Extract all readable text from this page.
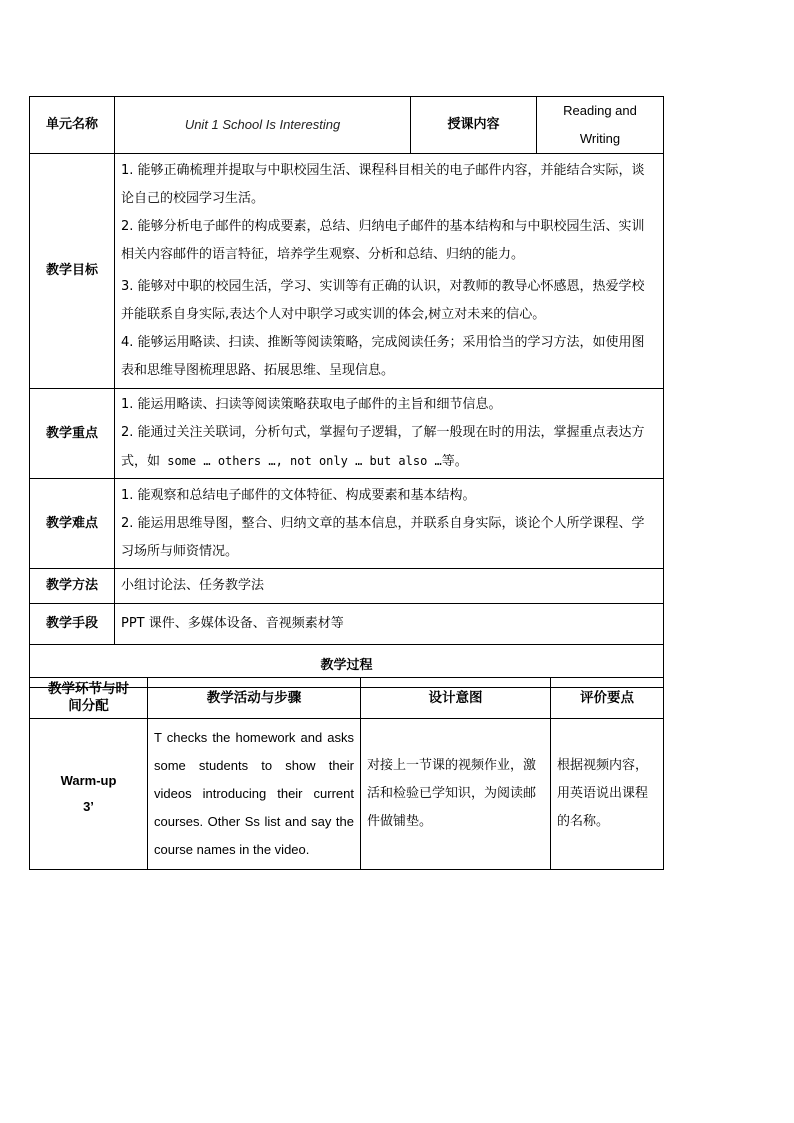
单元名称	Unit 1 School Is Interesting	授课内容	Reading and Writing
教学目标	1. 能够正确梳理并提取与中职校园生活、课程科目相关的电子邮件内容，并能结合实际，谈论自己的校园学习生活。

2. 能够分析电子邮件的构成要素，总结、归纳电子邮件的基本结构和与中职校园生活、实训相关内容邮件的语言特征，培养学生观察、分析和总结、归纳的能力。

3. 能够对中职的校园生活，学习、实训等有正确的认识，对教师的教导心怀感恩，热爱学校并能联系自身实际,表达个人对中职学习或实训的体会,树立对未来的信心。

4. 能够运用略读、扫读、推断等阅读策略，完成阅读任务；采用恰当的学习方法，如使用图表和思维导图梳理思路、拓展思维、呈现信息。		

教学重点	1. 能运用略读、扫读等阅读策略获取电子邮件的主旨和细节信息。

2. 能通过关注关联词，分析句式，掌握句子逻辑，了解一般现在时的用法，掌握重点表达方式，如 some … others …, not only … but also …等。		

教学难点	1. 能观察和总结电子邮件的文体特征、构成要素和基本结构。

2. 能运用思维导图，整合、归纳文章的基本信息，并联系自身实际，谈论个人所学课程、学习场所与师资情况。		

教学方法	小组讨论法、任务教学法		
教学手段	PPT 课件、多媒体设备、音视频素材等		
教学过程			
教学环节与时间分配	教学活动与步骤	设计意图	评价要点

Warm-up
3’	T checks the homework and asks some students to show their videos introducing their current courses. Other Ss list and say the course names in the video.	对接上一节课的视频作业，激活和检验已学知识，为阅读邮件做铺垫。	根据视频内容，用英语说出课程的名称。
